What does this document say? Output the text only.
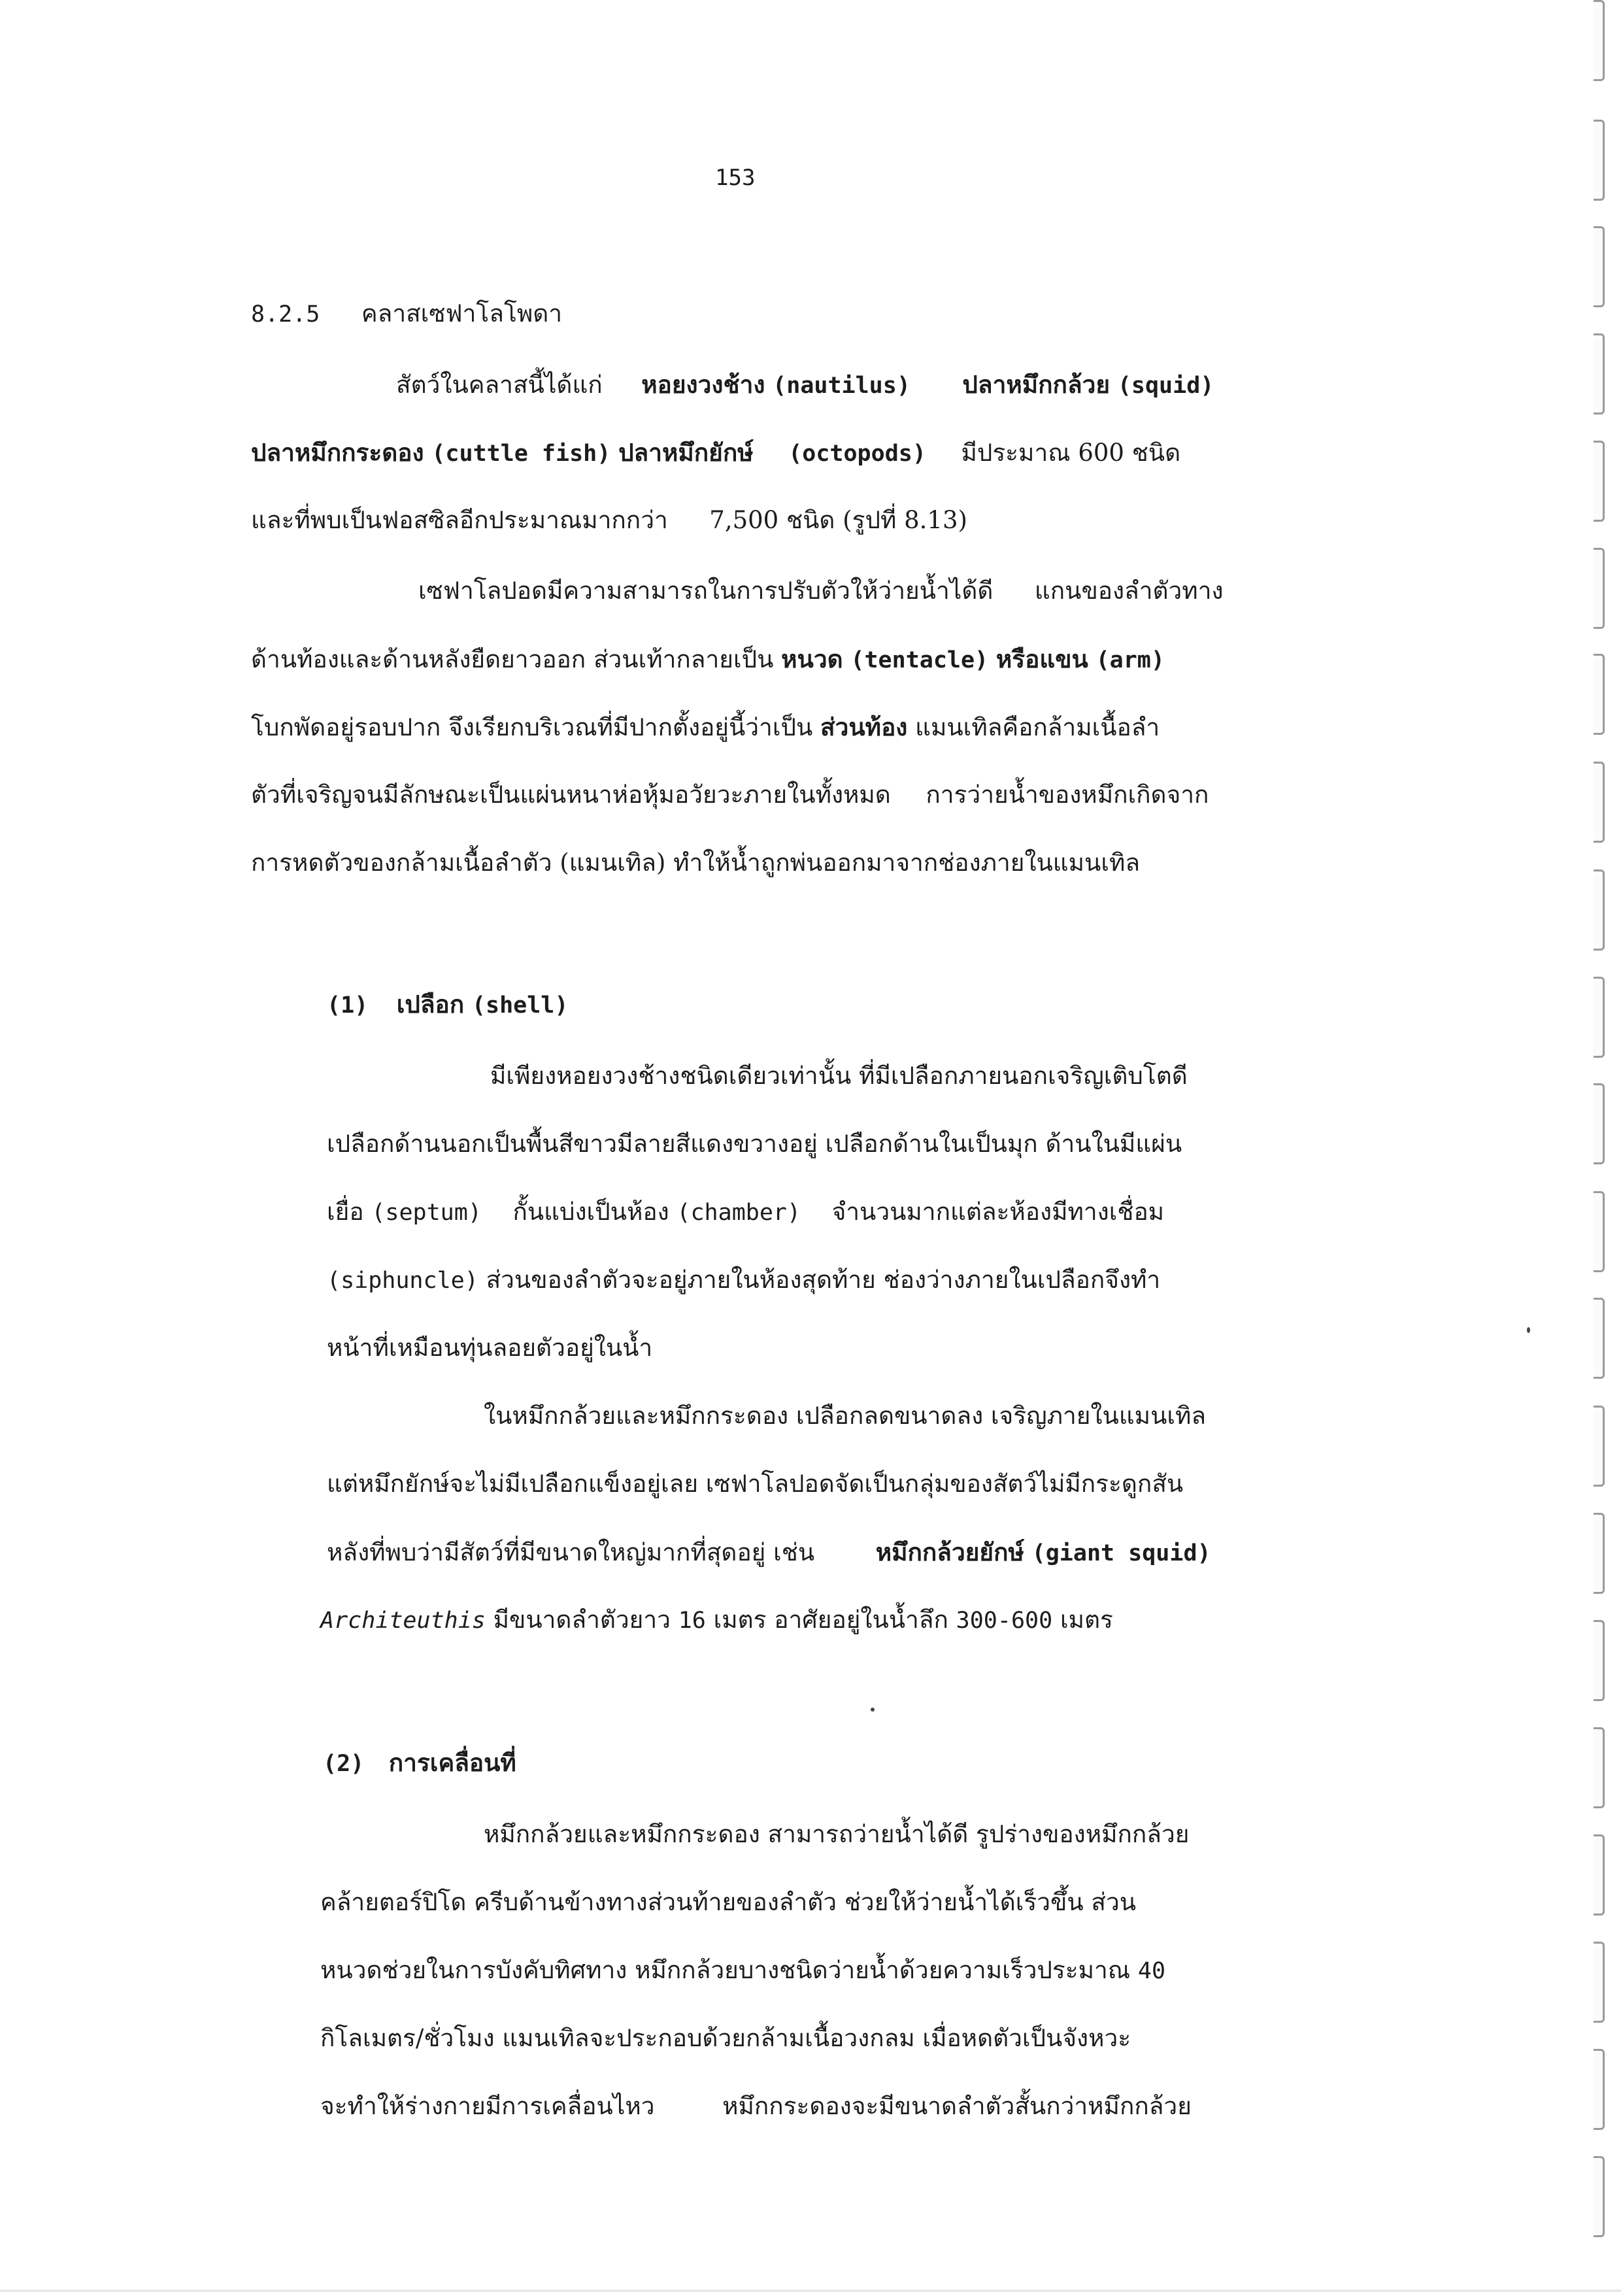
153
8.2.5 คลาสเซฟาโลโพดา
สัตว์ในคลาสนี้ได้แก่ หอยงวงช้าง (nautilus) ปลาหมึกกล้วย (squid)
ปลาหมึกกระดอง (cuttle fish) ปลาหมึกยักษ์ (octopods) มีประมาณ 600 ชนิด
และที่พบเป็นฟอสซิลอีกประมาณมากกว่า 7,500 ชนิด (รูปที่ 8.13)
เซฟาโลปอดมีความสามารถในการปรับตัวให้ว่ายน้ำได้ดี แกนของลำตัวทาง
ด้านท้องและด้านหลังยืดยาวออก ส่วนเท้ากลายเป็น หนวด (tentacle) หรือแขน (arm)
โบกพัดอยู่รอบปาก จึงเรียกบริเวณที่มีปากตั้งอยู่นี้ว่าเป็น ส่วนท้อง แมนเทิลคือกล้ามเนื้อลำ
ตัวที่เจริญจนมีลักษณะเป็นแผ่นหนาห่อหุ้มอวัยวะภายในทั้งหมด การว่ายน้ำของหมึกเกิดจาก
การหดตัวของกล้ามเนื้อลำตัว (แมนเทิล) ทำให้น้ำถูกพ่นออกมาจากช่องภายในแมนเทิล
(1) เปลือก (shell)
มีเพียงหอยงวงช้างชนิดเดียวเท่านั้น ที่มีเปลือกภายนอกเจริญเติบโตดี
เปลือกด้านนอกเป็นพื้นสีขาวมีลายสีแดงขวางอยู่ เปลือกด้านในเป็นมุก ด้านในมีแผ่น
เยื่อ (septum) กั้นแบ่งเป็นห้อง (chamber) จำนวนมากแต่ละห้องมีทางเชื่อม
(siphuncle) ส่วนของลำตัวจะอยู่ภายในห้องสุดท้าย ช่องว่างภายในเปลือกจึงทำ
หน้าที่เหมือนทุ่นลอยตัวอยู่ในน้ำ
ในหมึกกล้วยและหมึกกระดอง เปลือกลดขนาดลง เจริญภายในแมนเทิล
แต่หมึกยักษ์จะไม่มีเปลือกแข็งอยู่เลย เซฟาโลปอดจัดเป็นกลุ่มของสัตว์ไม่มีกระดูกสัน
หลังที่พบว่ามีสัตว์ที่มีขนาดใหญ่มากที่สุดอยู่ เช่น	หมึกกล้วยยักษ์ (giant squid)
Architeuthis มีขนาดลำตัวยาว 16 เมตร อาศัยอยู่ในน้ำลึก 300-600 เมตร
(2) การเคลื่อนที่
หมึกกล้วยและหมึกกระดอง สามารถว่ายน้ำได้ดี รูปร่างของหมึกกล้วย
คล้ายตอร์ปิโด ครีบด้านข้างทางส่วนท้ายของลำตัว ช่วยให้ว่ายน้ำได้เร็วขึ้น ส่วน
หนวดช่วยในการบังคับทิศทาง หมึกกล้วยบางชนิดว่ายน้ำด้วยความเร็วประมาณ 40
กิโลเมตร/ชั่วโมง แมนเทิลจะประกอบด้วยกล้ามเนื้อวงกลม เมื่อหดตัวเป็นจังหวะ
จะทำให้ร่างกายมีการเคลื่อนไหว	หมึกกระดองจะมีขนาดลำตัวสั้นกว่าหมึกกล้วย
